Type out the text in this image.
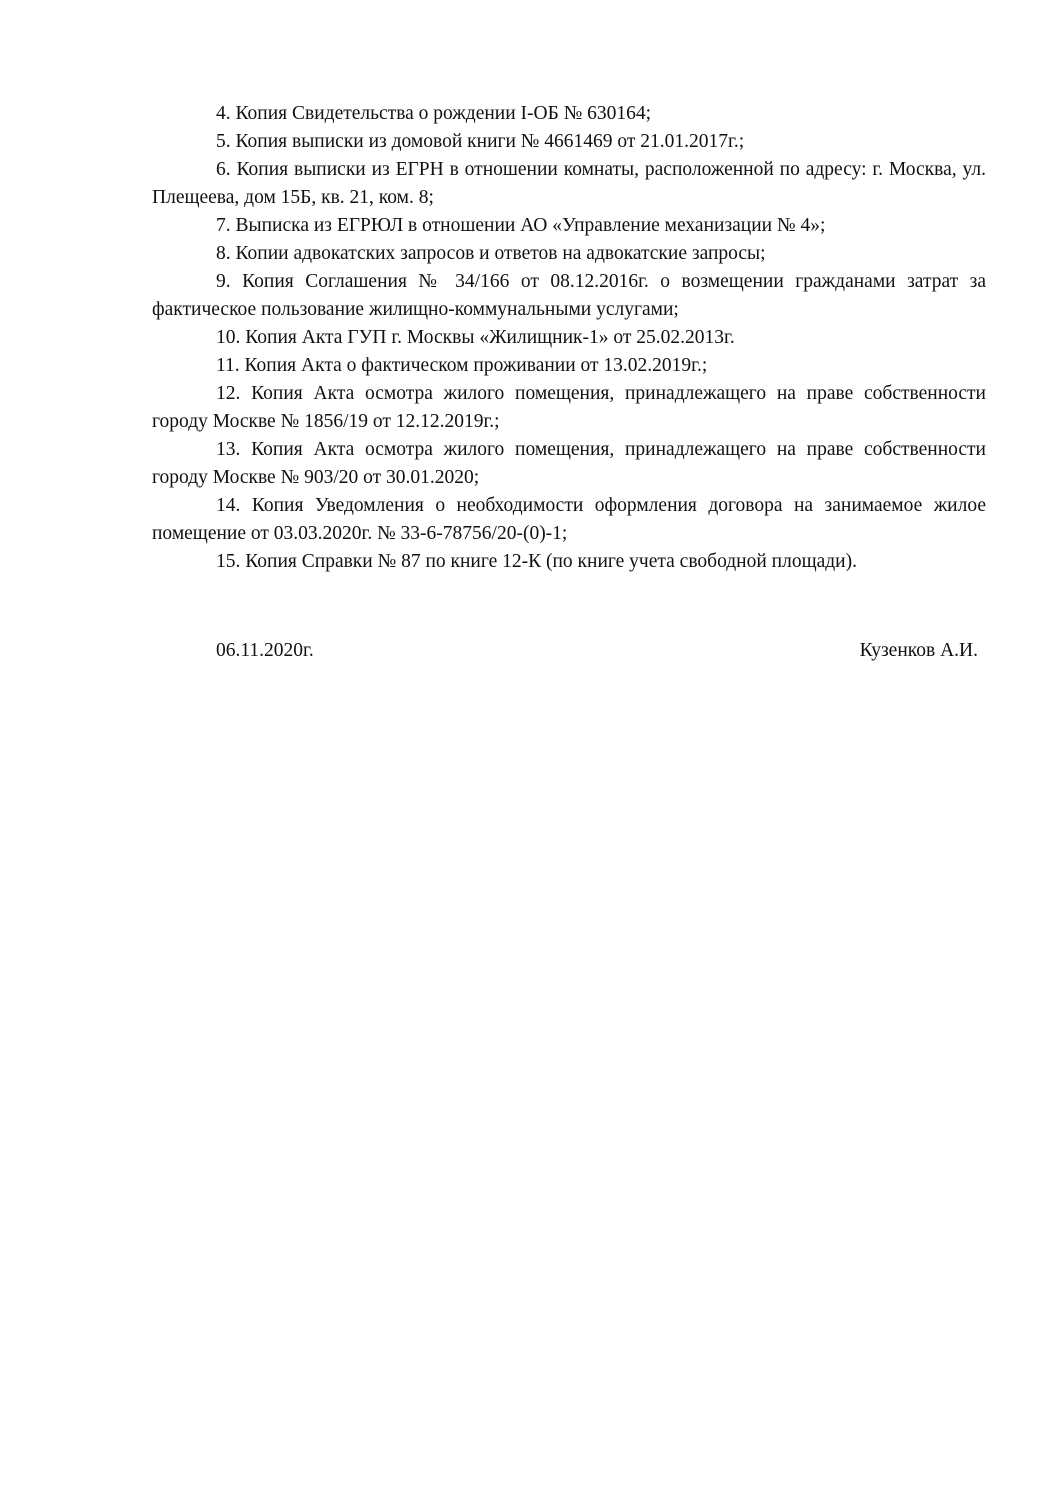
4. Копия Свидетельства о рождении I-ОБ № 630164;

5. Копия выписки из домовой книги № 4661469 от 21.01.2017г.;

6. Копия выписки из ЕГРН в отношении комнаты, расположенной по адресу: г. Москва, ул. Плещеева, дом 15Б, кв. 21, ком. 8;

7. Выписка из ЕГРЮЛ в отношении АО «Управление механизации № 4»;

8. Копии адвокатских запросов и ответов на адвокатские запросы;

9. Копия Соглашения № 34/166 от 08.12.2016г. о возмещении гражданами затрат за фактическое пользование жилищно-коммунальными услугами;

10. Копия Акта ГУП г. Москвы «Жилищник-1» от 25.02.2013г.

11. Копия Акта о фактическом проживании от 13.02.2019г.;

12. Копия Акта осмотра жилого помещения, принадлежащего на праве собственности городу Москве № 1856/19 от 12.12.2019г.;

13. Копия Акта осмотра жилого помещения, принадлежащего на праве собственности городу Москве № 903/20 от 30.01.2020;

14. Копия Уведомления о необходимости оформления договора на занимаемое жилое помещение от 03.03.2020г. № 33-6-78756/20-(0)-1;

15. Копия Справки № 87 по книге 12-К (по книге учета свободной площади).

06.11.2020г.	Кузенков А.И.
